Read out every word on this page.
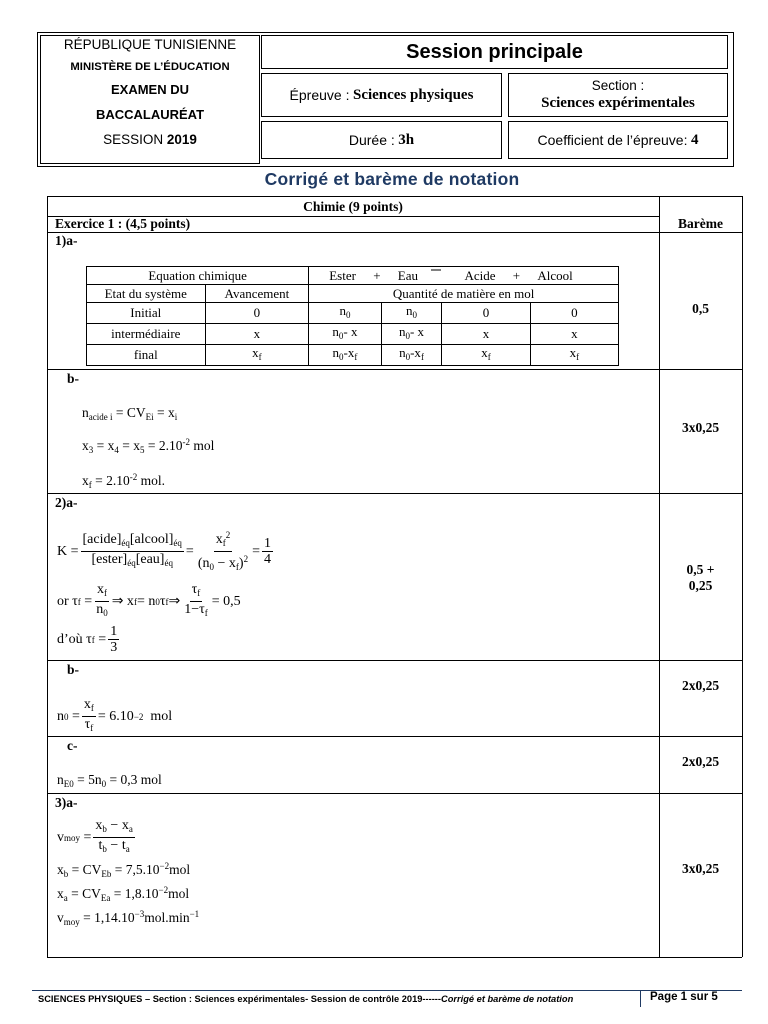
RÉPUBLIQUE TUNISIENNE
MINISTÈRE DE L’ÉDUCATION
EXAMEN DU
BACCALAURÉAT
SESSION 2019
Session principale
Épreuve :
Sciences physiques
Section :
Sciences expérimentales
Durée :
3h	Coefficient de l’épreuve:
4
Corrigé et barème de notation
Chimie (9 points)
Exercice 1 : (4,5 points)	Barème
1)a-
Equation chimique		Ester + Eau Acide + Alcool			
Etat du système	Avancement	Quantité de matière en mol			
Initial	0	$n_0$	$n_0$	0	0
intermédiaire	x	$n_0-$ x	$n_0-$ x	x	x
final	$x_f$	$n_0-x_f$	$n_0-x_f$	$x_f$	$x_f$
0,5
b-
$n_{acide i} = CV_{Ei} = x_i$
$x_3 = x_4 = x_5 = 2.10^{-2}$ mol
$x_f = 2.10^{-2}$ mol.
3x0,25
2)a-
$K = \frac{[acide]_{éq}[alcool]_{éq}}{[ester]_{éq}[eau]_{éq}} = \frac{x_f^2}{(n_0 - x_f)^2} = \frac{1}{4}$
or τ $f = \frac{x_f}{n_0}$ ⇒ x f = n 0 τ f ⇒ $\frac{\tau_f}{1-\tau_f} = 0,5$
d’où τ $f = \frac{1}{3}$
0,5 +
0,25
b-
n $0 = \frac{x_f}{\tau_f} = 6.10 -2$ mol
2x0,25
c-
$n_{E0} = 5n_0 = 0,3$ mol
2x0,25
3)a-
v moy = $\frac{x_b - x_a}{t_b - t_a}$
$x_b = CV_{Eb} = 7,5.10^{-2}mol$
$x_a = CV_{Ea} = 1,8.10^{-2}mol$
$v_{moy} = 1,14.10^{-3}mol.\min^{-1}$
3x0,25
SCIENCES PHYSIQUES – Section : Sciences expérimentales- Session de contrôle 2019------Corrigé et barème de notation	Page 1 sur 5
